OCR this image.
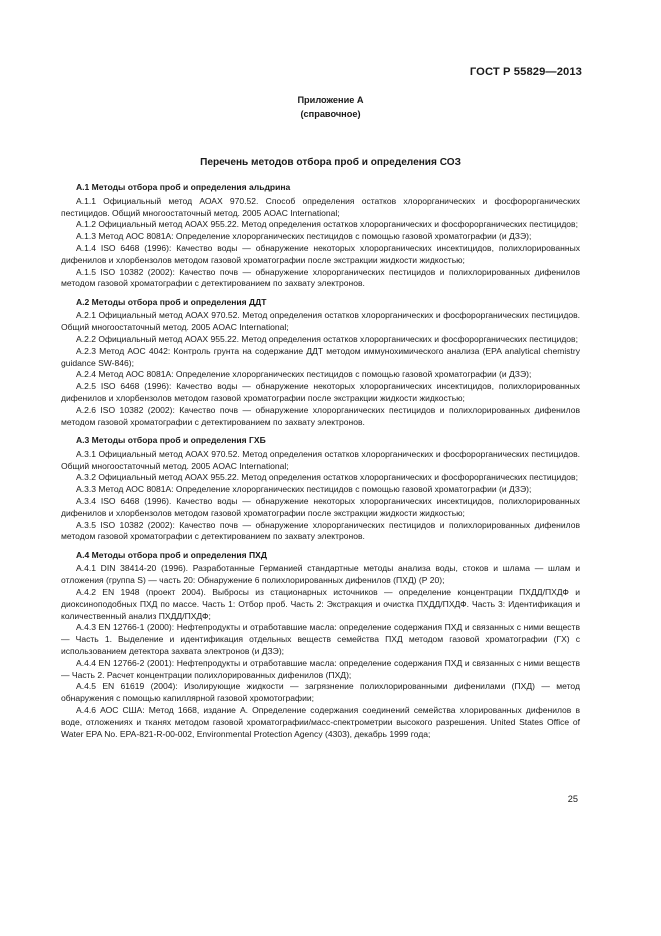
ГОСТ Р 55829—2013
Приложение А
(справочное)
Перечень методов отбора проб и определения СОЗ
А.1 Методы отбора проб и определения альдрина
А.1.1 Официальный метод АОАХ 970.52. Способ определения остатков хлорорганических и фосфорорганических пестицидов. Общий многоостаточный метод. 2005 AOAC International;
А.1.2 Официальный метод АОАХ 955.22. Метод определения остатков хлорорганических и фосфорорганических пестицидов;
А.1.3 Метод АОС 8081А: Определение хлорорганических пестицидов с помощью газовой хроматографии (и ДЗЭ);
А.1.4 ISO 6468 (1996): Качество воды — обнаружение некоторых хлорорганических инсектицидов, полихлорированных дифенилов и хлорбензолов методом газовой хроматографии после экстракции жидкости жидкостью;
А.1.5 ISO 10382 (2002): Качество почв — обнаружение хлорорганических пестицидов и полихлорированных дифенилов методом газовой хроматографии с детектированием по захвату электронов.
А.2 Методы отбора проб и определения ДДТ
А.2.1 Официальный метод АОАХ 970.52. Метод определения остатков хлорорганических и фосфорорганических пестицидов. Общий многоостаточный метод. 2005 AOAC International;
А.2.2 Официальный метод АОАХ 955.22. Метод определения остатков хлорорганических и фосфорорганических пестицидов;
А.2.3 Метод АОС 4042: Контроль грунта на содержание ДДТ методом иммунохимического анализа (EPA analytical chemistry guidance SW-846);
А.2.4 Метод АОС 8081А: Определение хлорорганических пестицидов с помощью газовой хроматографии (и ДЗЭ);
А.2.5 ISO 6468 (1996): Качество воды — обнаружение некоторых хлорорганических инсектицидов, полихлорированных дифенилов и хлорбензолов методом газовой хроматографии после экстракции жидкости жидкостью;
А.2.6 ISO 10382 (2002): Качество почв — обнаружение хлорорганических пестицидов и полихлорированных дифенилов методом газовой хроматографии с детектированием по захвату электронов.
А.3 Методы отбора проб и определения ГХБ
А.3.1 Официальный метод АОАХ 970.52. Метод определения остатков хлорорганических и фосфорорганических пестицидов. Общий многоостаточный метод. 2005 AOAC International;
А.3.2 Официальный метод АОАХ 955.22. Метод определения остатков хлорорганических и фосфорорганических пестицидов;
А.3.3 Метод АОС 8081А: Определение хлорорганических пестицидов с помощью газовой хроматографии (и ДЗЭ);
А.3.4 ISO 6468 (1996). Качество воды — обнаружение некоторых хлорорганических инсектицидов, полихлорированных дифенилов и хлорбензолов методом газовой хроматографии после экстракции жидкости жидкостью;
А.3.5 ISO 10382 (2002): Качество почв — обнаружение хлорорганических пестицидов и полихлорированных дифенилов методом газовой хроматографии с детектированием по захвату электронов.
А.4 Методы отбора проб и определения ПХД
А.4.1 DIN 38414-20 (1996). Разработанные Германией стандартные методы анализа воды, стоков и шлама — шлам и отложения (группа S) — часть 20: Обнаружение 6 полихлорированных дифенилов (ПХД) (Р 20);
А.4.2 EN 1948 (проект 2004). Выбросы из стационарных источников — определение концентрации ПХДД/ПХДФ и диоксиноподобных ПХД по массе. Часть 1: Отбор проб. Часть 2: Экстракция и очистка ПХДД/ПХДФ. Часть 3: Идентификация и количественный анализ ПХДД/ПХДФ;
А.4.3 EN 12766-1 (2000): Нефтепродукты и отработавшие масла: определение содержания ПХД и связанных с ними веществ — Часть 1. Выделение и идентификация отдельных веществ семейства ПХД методом газовой хроматографии (ГХ) с использованием детектора захвата электронов (и ДЗЭ);
А.4.4 EN 12766-2 (2001): Нефтепродукты и отработавшие масла: определение содержания ПХД и связанных с ними веществ — Часть 2. Расчет концентрации полихлорированных дифенилов (ПХД);
А.4.5 EN 61619 (2004): Изолирующие жидкости — загрязнение полихлорированными дифенилами (ПХД) — метод обнаружения с помощью капиллярной газовой хромотографии;
А.4.6 АОС США: Метод 1668, издание А. Определение содержания соединений семейства хлорированных дифенилов в воде, отложениях и тканях методом газовой хроматографии/масс-спектрометрии высокого разрешения. United States Office of Water EPA No. EPA-821-R-00-002, Environmental Protection Agency (4303), декабрь 1999 года;
25
